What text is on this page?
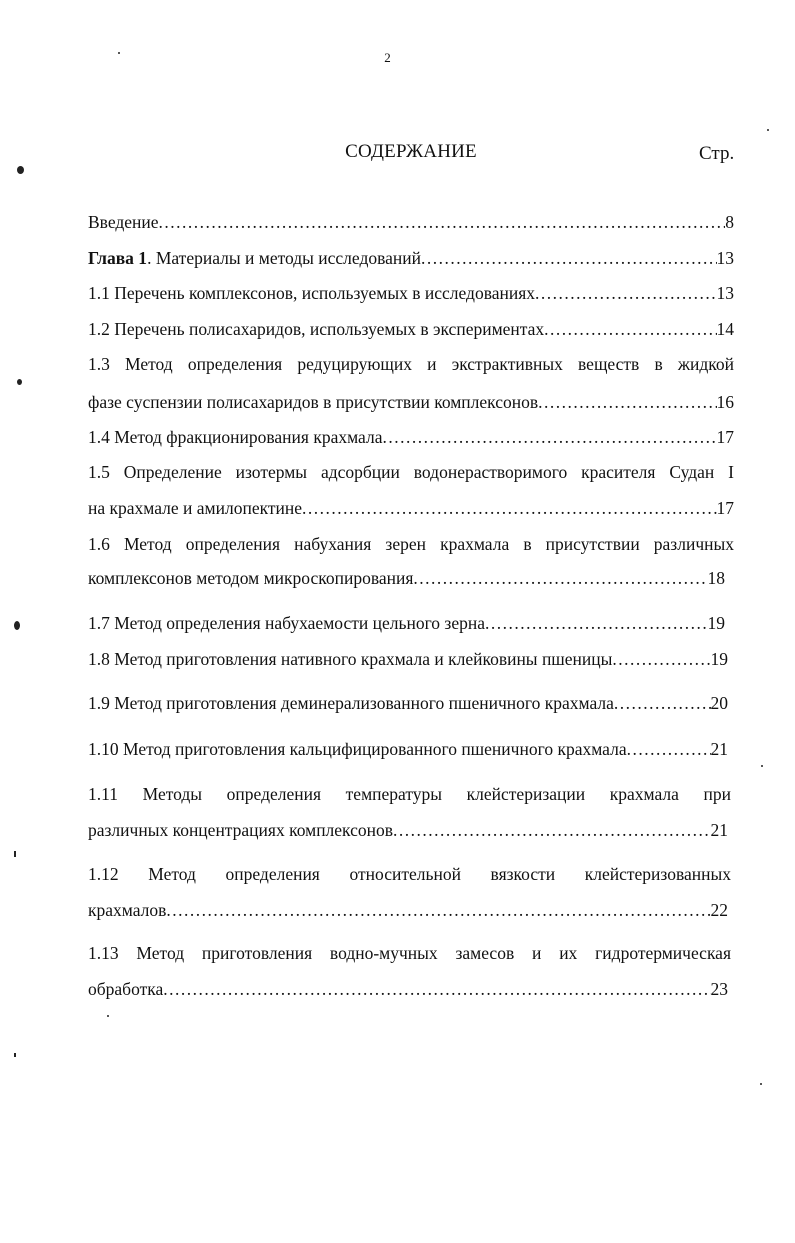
2
СОДЕРЖАНИЕ	Стр.
Введение .....	8
Глава 1. Материалы и методы исследований .....	13
1.1 Перечень комплексонов, используемых в исследованиях .....	13
1.2 Перечень полисахаридов, используемых в экспериментах .....	14
1.3 Метод определения редуцирующих и экстрактивных веществ в жидкой
фазе суспензии полисахаридов в присутствии комплексонов .....	16
1.4 Метод фракционирования крахмала .....	17
1.5 Определение изотермы адсорбции водонерастворимого красителя Судан I
на крахмале и амилопектине .....	17
1.6 Метод определения набухания зерен крахмала в присутствии различных
комплексонов методом микроскопирования .....	18
1.7 Метод определения набухаемости цельного зерна .....	19
1.8 Метод приготовления нативного крахмала и клейковины пшеницы .....	19
1.9 Метод приготовления деминерализованного пшеничного крахмала .....	20
1.10 Метод приготовления кальцифицированного пшеничного крахмала .....	21
1.11 Методы определения температуры клейстеризации крахмала при
различных концентрациях комплексонов .....	21
1.12 Метод определения относительной вязкости клейстеризованных
крахмалов .....	22
1.13 Метод приготовления водно-мучных замесов и их гидротермическая
обработка .....	23
